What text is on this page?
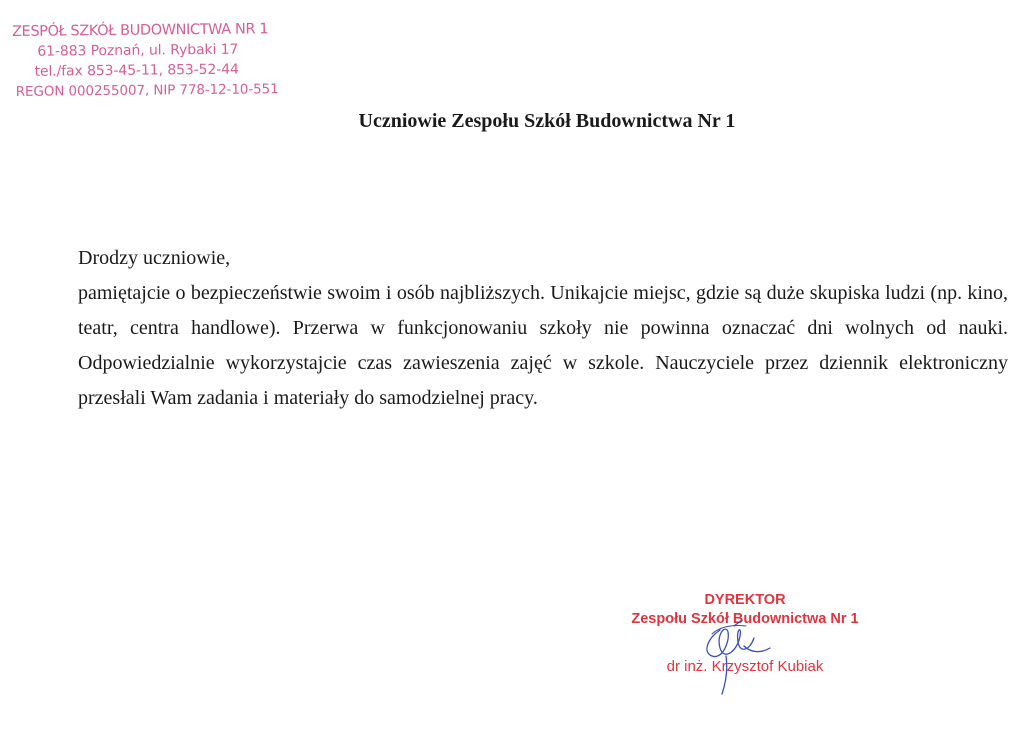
ZESPÓŁ SZKÓŁ BUDOWNICTWA NR 1
61-883 Poznań, ul. Rybaki 17
tel./fax 853-45-11, 853-52-44
REGON 000255007, NIP 778-12-10-551
Uczniowie Zespołu Szkół Budownictwa Nr 1

Drodzy uczniowie,

pamiętajcie o bezpieczeństwie swoim i osób najbliższych. Unikajcie miejsc, gdzie są duże skupiska ludzi (np. kino, teatr, centra handlowe). Przerwa w funkcjonowaniu szkoły nie powinna oznaczać dni wolnych od nauki. Odpowiedzialnie wykorzystajcie czas zawieszenia zajęć w szkole. Nauczyciele przez dziennik elektroniczny przesłali Wam zadania i materiały do samodzielnej pracy.

DYREKTOR
Zespołu Szkół Budownictwa Nr 1
dr inż. Krzysztof Kubiak
